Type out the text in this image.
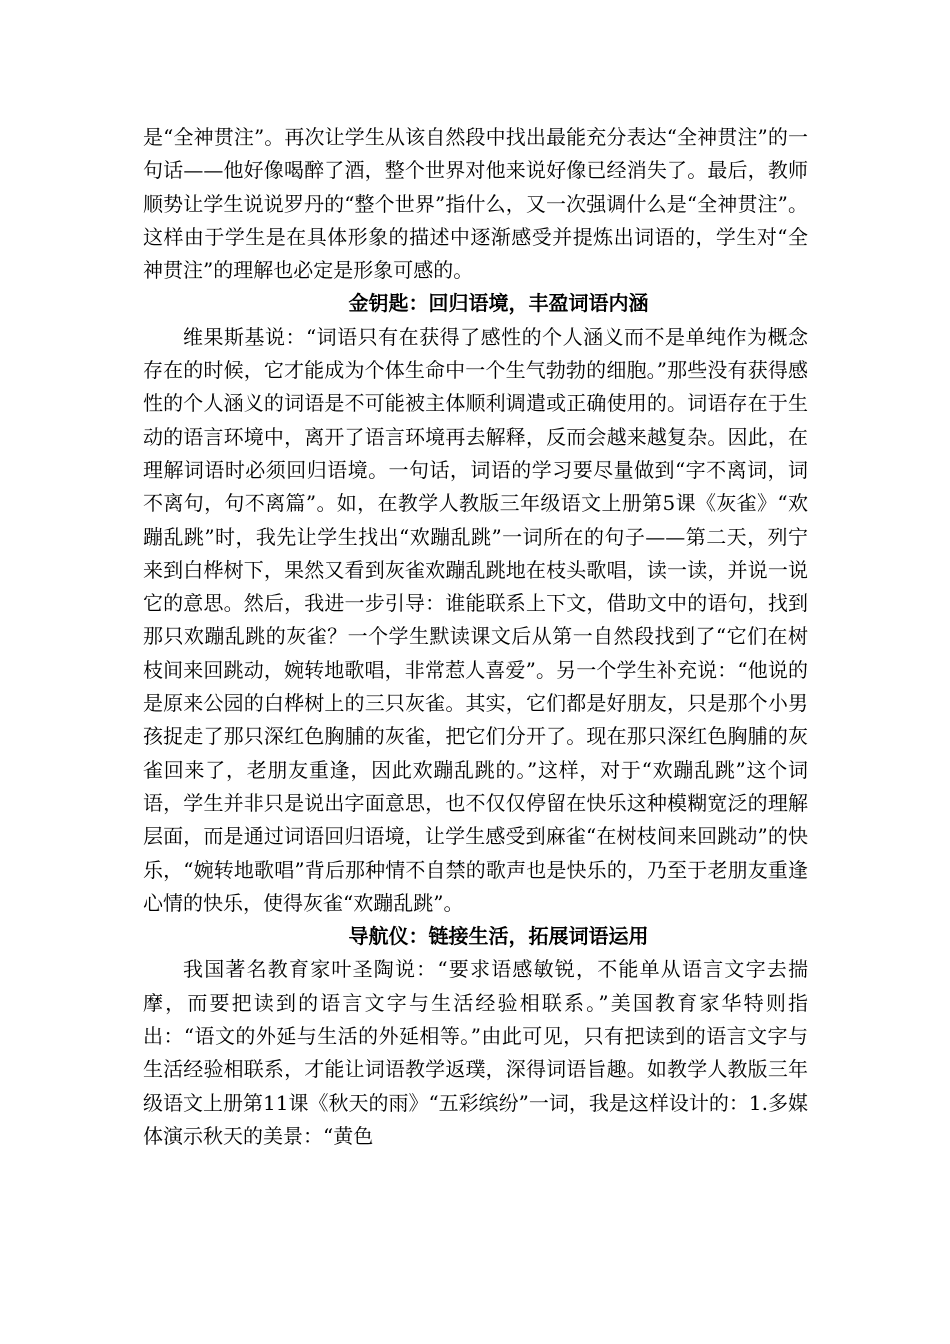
是“全神贯注”。再次让学生从该自然段中找出最能充分表达“全神贯注”的一句话——他好像喝醉了酒，整个世界对他来说好像已经消失了。最后，教师顺势让学生说说罗丹的“整个世界”指什么，又一次强调什么是“全神贯注”。这样由于学生是在具体形象的描述中逐渐感受并提炼出词语的，学生对“全神贯注”的理解也必定是形象可感的。

金钥匙：回归语境，丰盈词语内涵

维果斯基说：“词语只有在获得了感性的个人涵义而不是单纯作为概念存在的时候，它才能成为个体生命中一个生气勃勃的细胞。”那些没有获得感性的个人涵义的词语是不可能被主体顺利调遣或正确使用的。词语存在于生动的语言环境中，离开了语言环境再去解释，反而会越来越复杂。因此，在理解词语时必须回归语境。一句话，词语的学习要尽量做到“字不离词，词不离句，句不离篇”。如，在教学人教版三年级语文上册第5课《灰雀》“欢蹦乱跳”时，我先让学生找出“欢蹦乱跳”一词所在的句子——第二天，列宁来到白桦树下，果然又看到灰雀欢蹦乱跳地在枝头歌唱，读一读，并说一说它的意思。然后，我进一步引导：谁能联系上下文，借助文中的语句，找到那只欢蹦乱跳的灰雀？一个学生默读课文后从第一自然段找到了“它们在树枝间来回跳动，婉转地歌唱，非常惹人喜爱”。另一个学生补充说：“他说的是原来公园的白桦树上的三只灰雀。其实，它们都是好朋友，只是那个小男孩捉走了那只深红色胸脯的灰雀，把它们分开了。现在那只深红色胸脯的灰雀回来了，老朋友重逢，因此欢蹦乱跳的。”这样，对于“欢蹦乱跳”这个词语，学生并非只是说出字面意思，也不仅仅停留在快乐这种模糊宽泛的理解层面，而是通过词语回归语境，让学生感受到麻雀“在树枝间来回跳动”的快乐，“婉转地歌唱”背后那种情不自禁的歌声也是快乐的，乃至于老朋友重逢心情的快乐，使得灰雀“欢蹦乱跳”。

导航仪：链接生活，拓展词语运用

我国著名教育家叶圣陶说：“要求语感敏锐，不能单从语言文字去揣摩，而要把读到的语言文字与生活经验相联系。”美国教育家华特则指出：“语文的外延与生活的外延相等。”由此可见，只有把读到的语言文字与生活经验相联系，才能让词语教学返璞，深得词语旨趣。如教学人教版三年级语文上册第11课《秋天的雨》“五彩缤纷”一词，我是这样设计的：1.多媒体演示秋天的美景：“黄色
